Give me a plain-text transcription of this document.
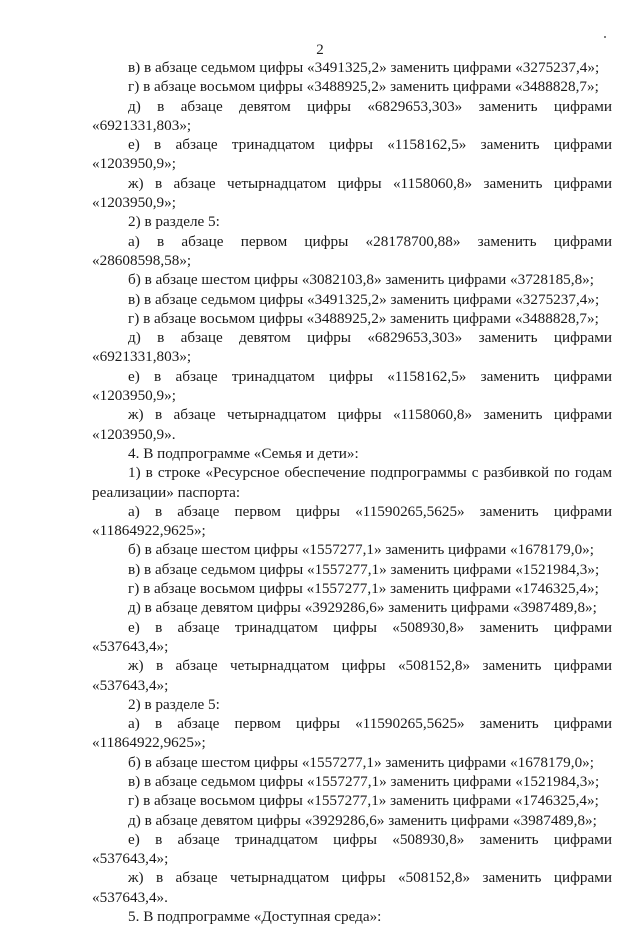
2
в) в абзаце седьмом цифры «3491325,2» заменить цифрами «3275237,4»;
г) в абзаце восьмом цифры «3488925,2» заменить цифрами «3488828,7»;
д) в абзаце девятом цифры «6829653,303» заменить цифрами
«6921331,803»;
е) в абзаце тринадцатом цифры «1158162,5» заменить цифрами
«1203950,9»;
ж) в абзаце четырнадцатом цифры «1158060,8» заменить цифрами
«1203950,9»;
2) в разделе 5:
а) в абзаце первом цифры «28178700,88» заменить цифрами
«28608598,58»;
б) в абзаце шестом цифры «3082103,8» заменить цифрами «3728185,8»;
в) в абзаце седьмом цифры «3491325,2» заменить цифрами «3275237,4»;
г) в абзаце восьмом цифры «3488925,2» заменить цифрами «3488828,7»;
д) в абзаце девятом цифры «6829653,303» заменить цифрами
«6921331,803»;
е) в абзаце тринадцатом цифры «1158162,5» заменить цифрами
«1203950,9»;
ж) в абзаце четырнадцатом цифры «1158060,8» заменить цифрами
«1203950,9».
4. В подпрограмме «Семья и дети»:
1) в строке «Ресурсное обеспечение подпрограммы с разбивкой по годам
реализации» паспорта:
а) в абзаце первом цифры «11590265,5625» заменить цифрами
«11864922,9625»;
б) в абзаце шестом цифры «1557277,1» заменить цифрами «1678179,0»;
в) в абзаце седьмом цифры «1557277,1» заменить цифрами «1521984,3»;
г) в абзаце восьмом цифры «1557277,1» заменить цифрами «1746325,4»;
д) в абзаце девятом цифры «3929286,6» заменить цифрами «3987489,8»;
е) в абзаце тринадцатом цифры «508930,8» заменить цифрами
«537643,4»;
ж) в абзаце четырнадцатом цифры «508152,8» заменить цифрами
«537643,4»;
2) в разделе 5:
а) в абзаце первом цифры «11590265,5625» заменить цифрами
«11864922,9625»;
б) в абзаце шестом цифры «1557277,1» заменить цифрами «1678179,0»;
в) в абзаце седьмом цифры «1557277,1» заменить цифрами «1521984,3»;
г) в абзаце восьмом цифры «1557277,1» заменить цифрами «1746325,4»;
д) в абзаце девятом цифры «3929286,6» заменить цифрами «3987489,8»;
е) в абзаце тринадцатом цифры «508930,8» заменить цифрами
«537643,4»;
ж) в абзаце четырнадцатом цифры «508152,8» заменить цифрами
«537643,4».
5. В подпрограмме «Доступная среда»:
